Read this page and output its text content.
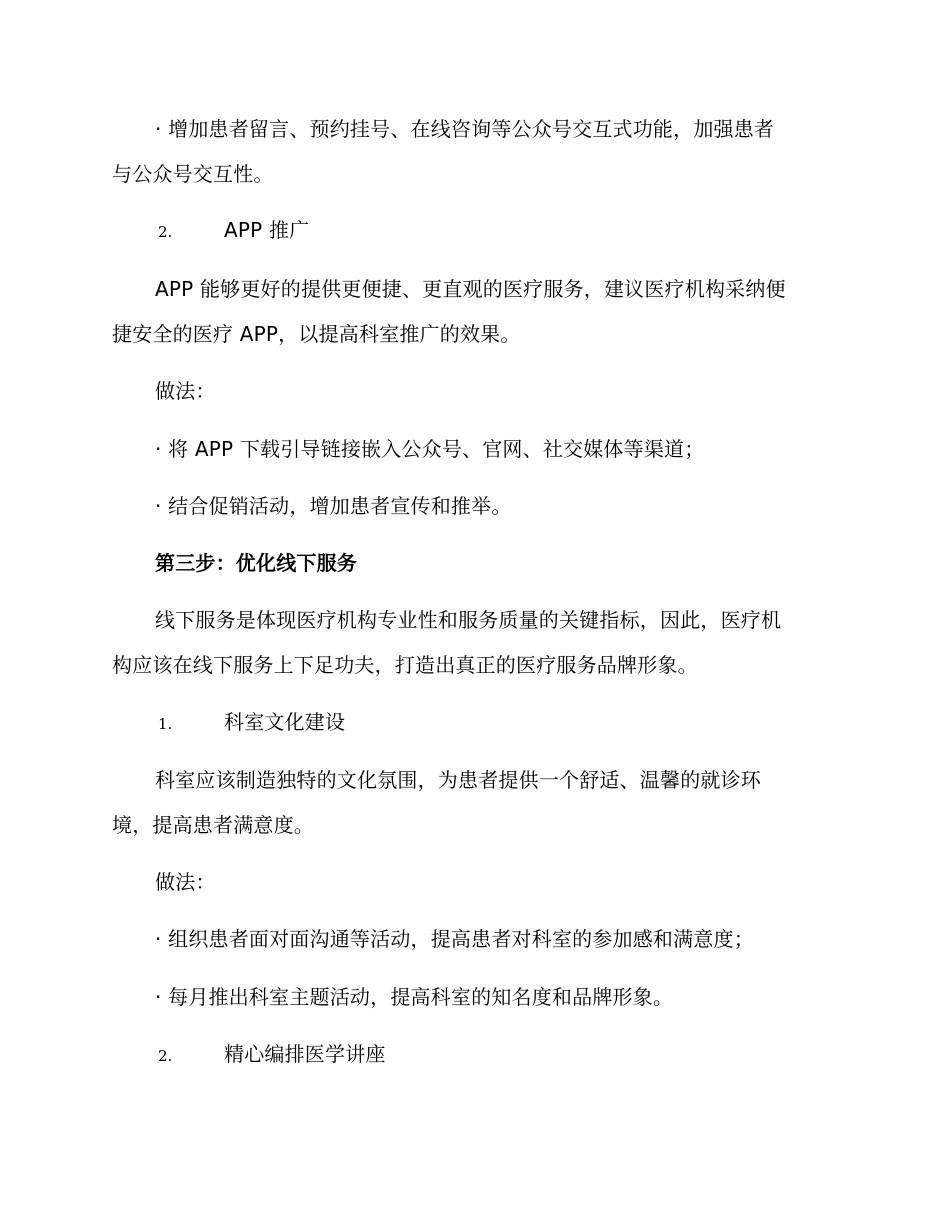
· 增加患者留言、预约挂号、在线咨询等公众号交互式功能，加强患者
与公众号交互性。
2.	APP 推广
APP 能够更好的提供更便捷、更直观的医疗服务，建议医疗机构采纳便
捷安全的医疗 APP，以提高科室推广的效果。
做法：
· 将 APP 下载引导链接嵌入公众号、官网、社交媒体等渠道；
· 结合促销活动，增加患者宣传和推举。
第三步：优化线下服务
线下服务是体现医疗机构专业性和服务质量的关键指标，因此，医疗机
构应该在线下服务上下足功夫，打造出真正的医疗服务品牌形象。
1.	科室文化建设
科室应该制造独特的文化氛围，为患者提供一个舒适、温馨的就诊环
境，提高患者满意度。
做法：
· 组织患者面对面沟通等活动，提高患者对科室的参加感和满意度；
· 每月推出科室主题活动，提高科室的知名度和品牌形象。
2.	精心编排医学讲座
